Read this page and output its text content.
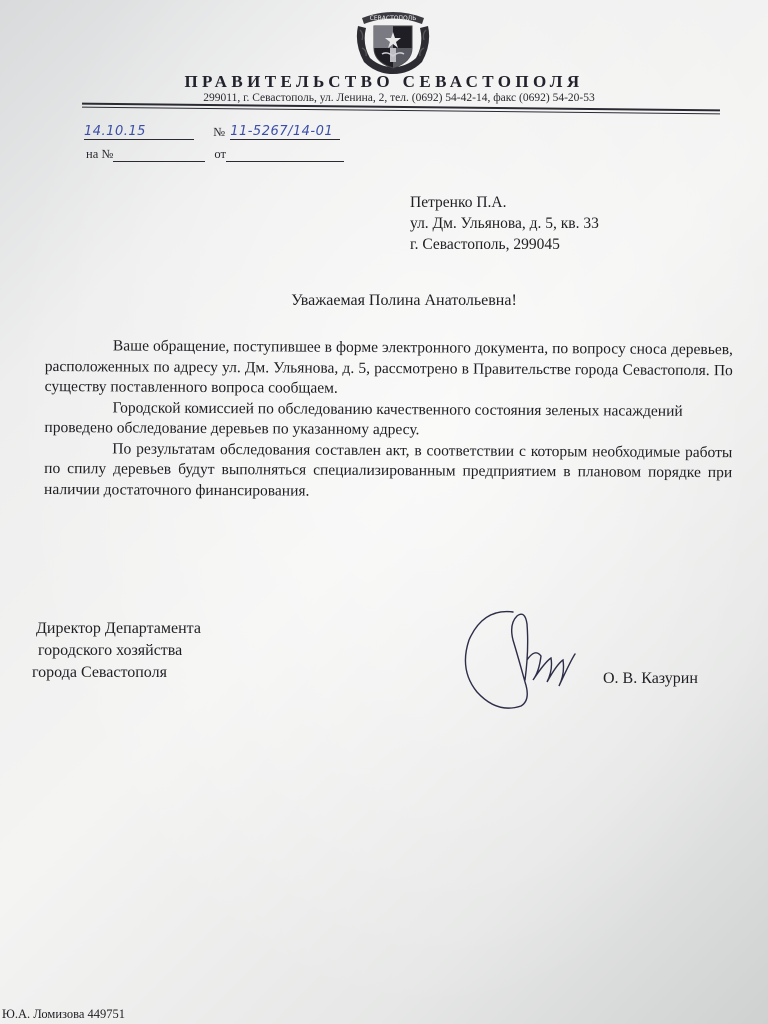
СЕВАСТОПОЛЬ
ПРАВИТЕЛЬСТВО СЕВАСТОПОЛЯ
299011, г. Севастополь, ул. Ленина, 2, тел. (0692) 54-42-14, факс (0692) 54-20-53
14.10.15	№ 11-5267/14-01
на №	от
Петренко П.А.
ул. Дм. Ульянова, д. 5, кв. 33
г. Севастополь, 299045
Уважаемая Полина Анатольевна!

Ваше обращение, поступившее в форме электронного документа, по вопросу сноса деревьев, расположенных по адресу ул. Дм. Ульянова, д. 5, рассмотрено в Правительстве города Севастополя. По существу поставленного вопроса сообщаем.

Городской комиссией по обследованию качественного состояния зеленых насаждений проведено обследование деревьев по указанному адресу.

По результатам обследования составлен акт, в соответствии с которым необходимые работы по спилу деревьев будут выполняться специализированным предприятием в плановом порядке при наличии достаточного финансирования.

Директор Департамента
городского хозяйства
города Севастополя	О. В. Казурин
Ю.А. Ломизова 449751
